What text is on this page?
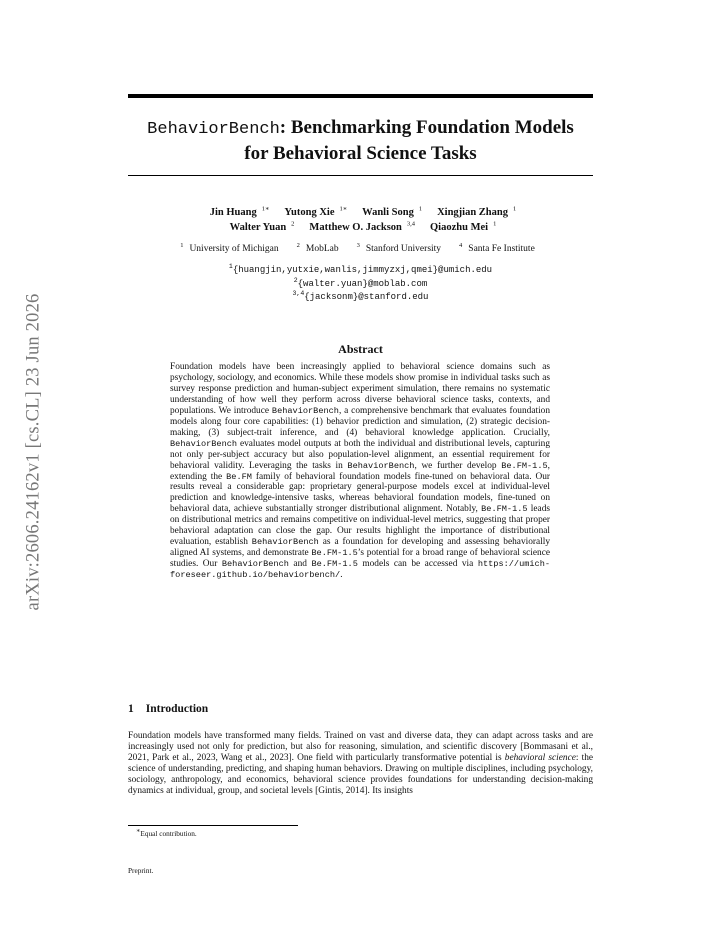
arXiv:2606.24162v1 [cs.CL] 23 Jun 2026
BehaviorBench: Benchmarking Foundation Models
for Behavioral Science Tasks
Jin Huang $^{1∗}$ Yutong Xie $^{1∗}$ Wanli Song $^1$ Xingjian Zhang $^1$
Walter Yuan $^2$ Matthew O. Jackson $^{3,4}$ Qiaozhu Mei $^1$
$^1$ University of Michigan	$^2$ MobLab	$^3$ Stanford University	$^4$ Santa Fe Institute
$^1${huangjin,yutxie,wanlis,jimmyzxj,qmei}@umich.edu
$^2${walter.yuan}@moblab.com
$^{3,4}${jacksonm}@stanford.edu
Abstract
Foundation models have been increasingly applied to behavioral science domains such as psychology, sociology, and economics. While these models show promise in individual tasks such as survey response prediction and human-subject experiment simulation, there remains no systematic understanding of how well they perform across diverse behavioral science tasks, contexts, and populations. We introduce BehaviorBench, a comprehensive benchmark that evaluates foundation models along four core capabilities: (1) behavior prediction and simulation, (2) strategic decision-making, (3) subject-trait inference, and (4) behavioral knowledge application. Crucially, BehaviorBench evaluates model outputs at both the individual and distributional levels, capturing not only per-subject accuracy but also population-level alignment, an essential requirement for behavioral validity. Leveraging the tasks in BehaviorBench, we further develop Be.FM-1.5, extending the Be.FM family of behavioral foundation models fine-tuned on behavioral data. Our results reveal a considerable gap: proprietary general-purpose models excel at individual-level prediction and knowledge-intensive tasks, whereas behavioral foundation models, fine-tuned on behavioral data, achieve substantially stronger distributional alignment. Notably, Be.FM-1.5 leads on distributional metrics and remains competitive on individual-level metrics, suggesting that proper behavioral adaptation can close the gap. Our results highlight the importance of distributional evaluation, establish BehaviorBench as a foundation for developing and assessing behaviorally aligned AI systems, and demonstrate Be.FM-1.5’s potential for a broad range of behavioral science studies. Our BehaviorBench and Be.FM-1.5 models can be accessed via https://umich-foreseer.github.io/behaviorbench/.
1 Introduction
Foundation models have transformed many fields. Trained on vast and diverse data, they can adapt across tasks and are increasingly used not only for prediction, but also for reasoning, simulation, and scientific discovery [Bommasani et al., 2021, Park et al., 2023, Wang et al., 2023]. One field with particularly transformative potential is behavioral science: the science of understanding, predicting, and shaping human behaviors. Drawing on multiple disciplines, including psychology, sociology, anthropology, and economics, behavioral science provides foundations for understanding decision-making dynamics at individual, group, and societal levels [Gintis, 2014]. Its insights
∗Equal contribution.
Preprint.
